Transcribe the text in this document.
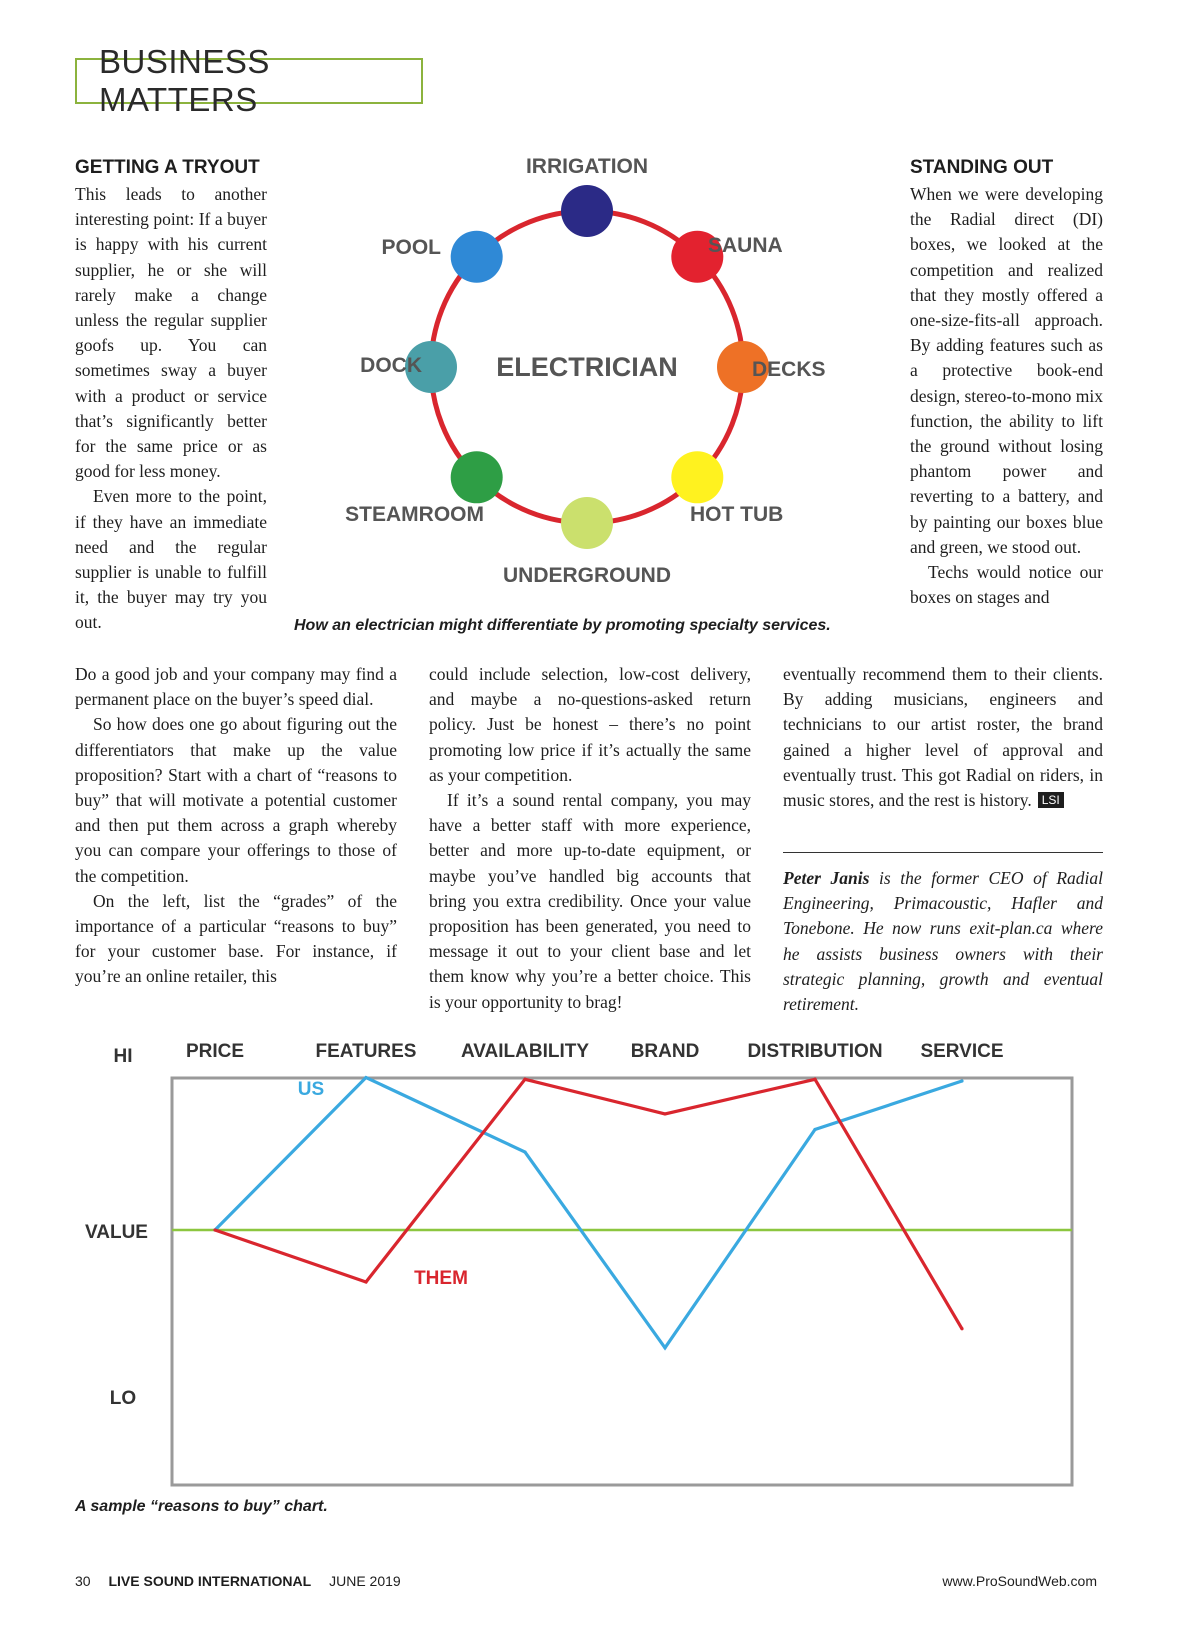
BUSINESS MATTERS
GETTING A TRYOUT

This leads to another interesting point: If a buyer is happy with his current supplier, he or she will rarely make a change unless the regular supplier goofs up. You can sometimes sway a buyer with a product or service that’s significantly better for the same price or as good for less money.

Even more to the point, if they have an immediate need and the regular supplier is unable to fulfill it, the buyer may try you out.

ELECTRICIAN
IRRIGATION
SAUNA
DECKS
HOT TUB
UNDERGROUND
STEAMROOM
DOCK
POOL
How an electrician might differentiate by promoting specialty services.
STANDING OUT

When we were developing the Radial direct (DI) boxes, we looked at the competition and realized that they mostly offered a one-size-fits-all approach. By adding features such as a protective book-end design, stereo-to-mono mix function, the ability to lift the ground without losing phantom power and reverting to a battery, and by painting our boxes blue and green, we stood out.

Techs would notice our boxes on stages and

Do a good job and your company may find a permanent place on the buyer’s speed dial.

So how does one go about figuring out the differentiators that make up the value proposition? Start with a chart of “reasons to buy” that will motivate a potential customer and then put them across a graph whereby you can compare your offerings to those of the competition.

On the left, list the “grades” of the importance of a particular “reasons to buy” for your customer base. For instance, if you’re an online retailer, this

could include selection, low-cost delivery, and maybe a no-questions-asked return policy. Just be honest – there’s no point promoting low price if it’s actually the same as your competition.

If it’s a sound rental company, you may have a better staff with more experience, better and more up-to-date equipment, or maybe you’ve handled big accounts that bring you extra credibility. Once your value proposition has been generated, you need to message it out to your client base and let them know why you’re a better choice. This is your opportunity to brag!

eventually recommend them to their clients. By adding musicians, engineers and technicians to our artist roster, the brand gained a higher level of approval and eventually trust. This got Radial on riders, in music stores, and the rest is history. LSI

Peter Janis is the former CEO of Radial Engineering, Primacoustic, Hafler and Tonebone. He now runs exit-plan.ca where he assists business owners with their strategic planning, growth and eventual retirement.
PRICE	FEATURES AVAILABILITY BRAND	DISTRIBUTION SERVICE
HI
VALUE
LO
US
THEM
A sample “reasons to buy” chart.
30 LIVE SOUND INTERNATIONAL JUNE 2019	www.ProSoundWeb.com
